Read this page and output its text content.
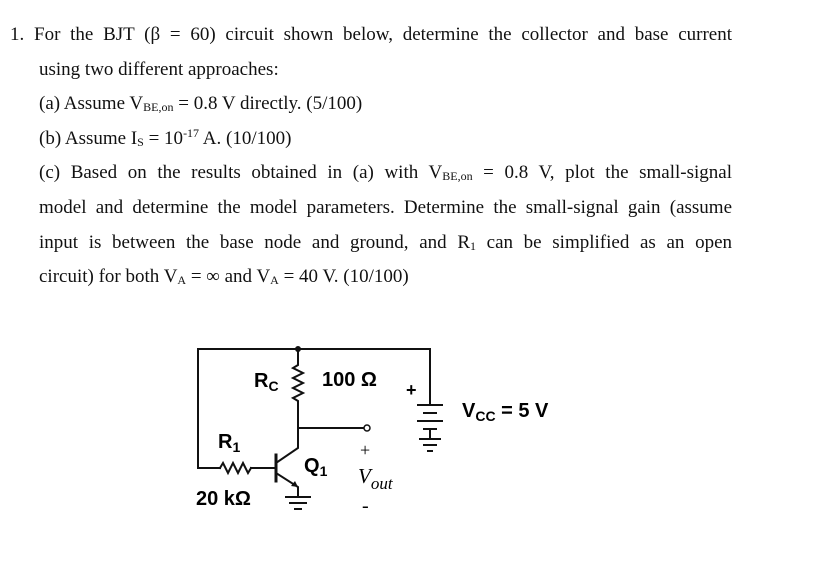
1. For the BJT (β = 60) circuit shown below, determine the collector and base current
using two different approaches:
(a) Assume $V_{BE,on} = 0.8$ V directly. (5/100)
(b) Assume $I_S = 10^{-17}$ A. (10/100)
(c) Based on the results obtained in (a) with $V_{BE,on} = 0.8$ V, plot the small-signal
model and determine the model parameters. Determine the small-signal gain (assume
input is between the base node and ground, and $R_1$ can be simplified as an open
circuit) for both $V_A$ = ∞ and $V_A = 40$ V. (10/100)
$R_C$ 100 Ω +
$V_{CC} = 5$ V
$R_1$
20 kΩ
$Q_1$
+
$V_{out}$
-
